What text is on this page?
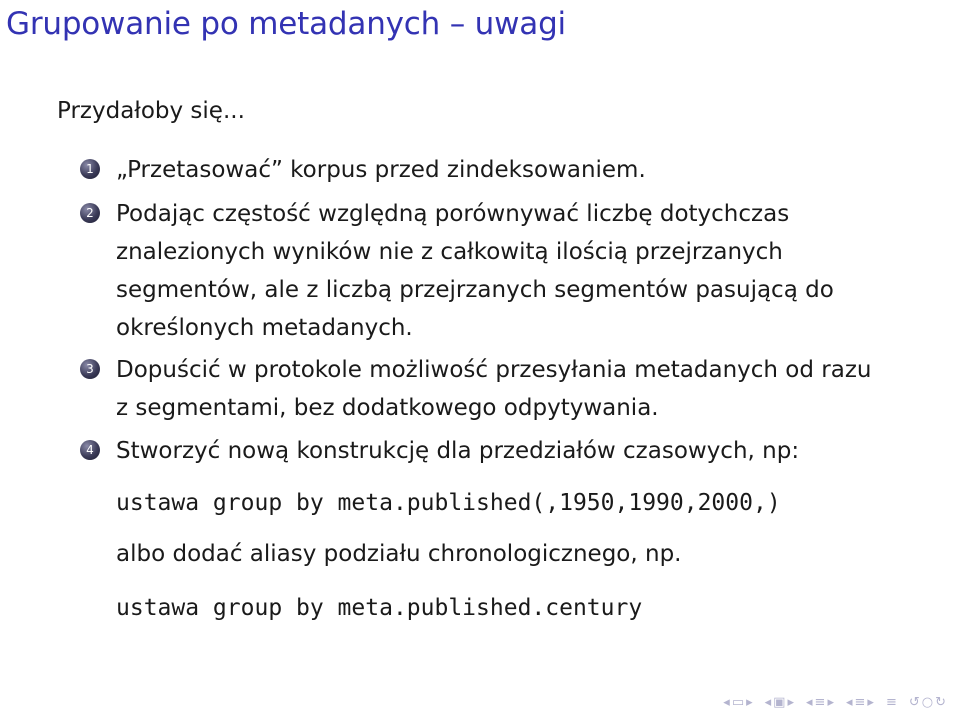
Grupowanie po metadanych – uwagi
Przydałoby się...
1 „Przetasować” korpus przed zindeksowaniem.
2 Podając częstość względną porównywać liczbę dotychczas znalezionych wyników nie z całkowitą ilością przejrzanych segmentów, ale z liczbą przejrzanych segmentów pasującą do określonych metadanych.
3 Dopuścić w protokole możliwość przesyłania metadanych od razu z segmentami, bez dodatkowego odpytywania.
4 Stworzyć nową konstrukcję dla przedziałów czasowych, np:
ustawa group by meta.published(,1950,1990,2000,)
albo dodać aliasy podziału chronologicznego, np.
ustawa group by meta.published.century
◂ ▭ ▸ ◂ ▣ ▸ ◂ ≡ ▸ ◂ ≡ ▸ ≡ ↺ ○ ↻
